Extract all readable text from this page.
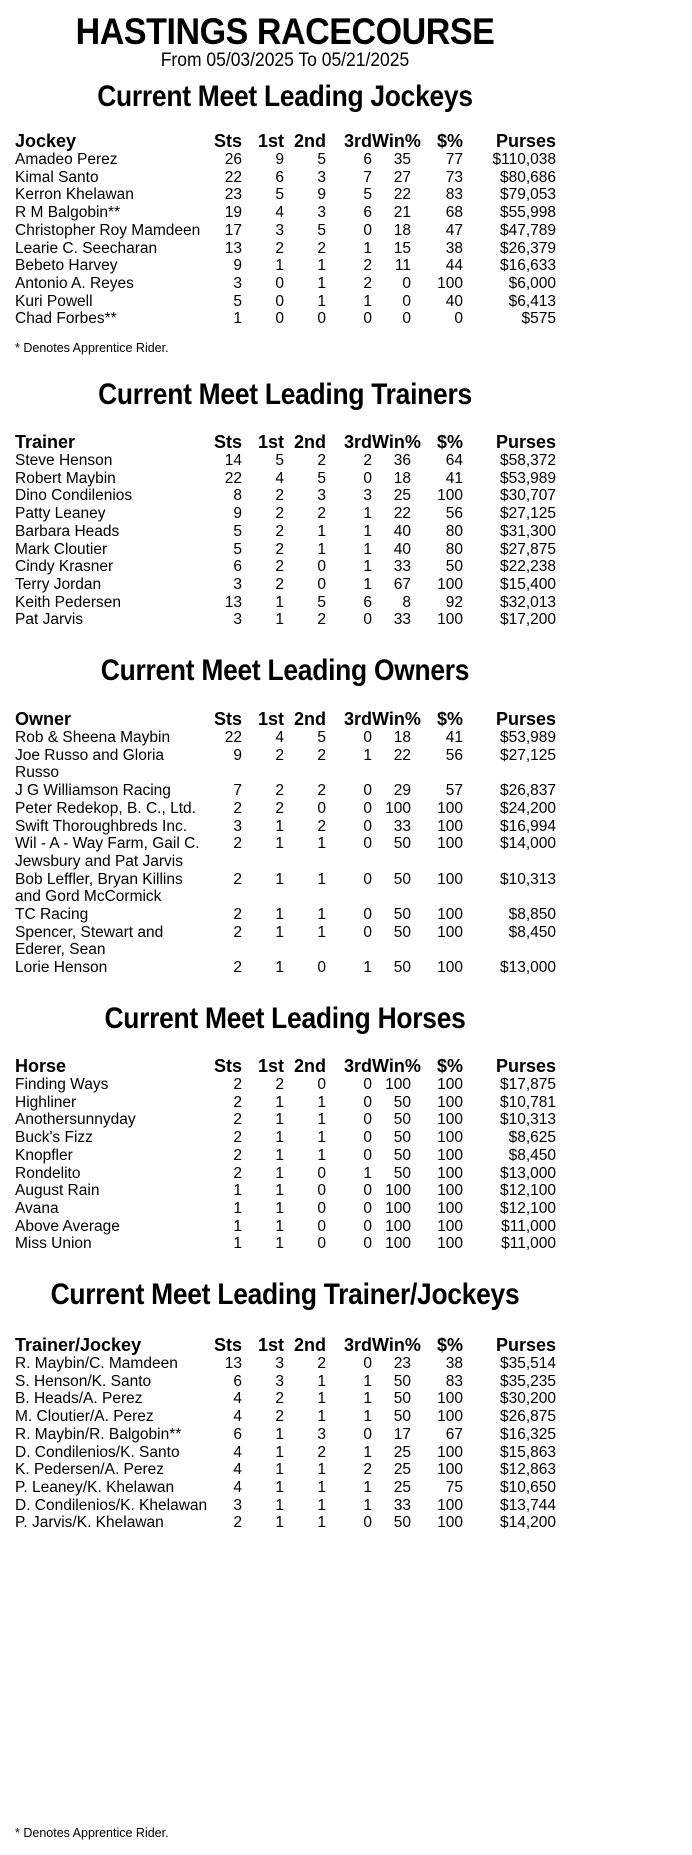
HASTINGS RACECOURSE
From 05/03/2025 To 05/21/2025
Current Meet Leading Jockeys
Jockey	Sts	1st	2nd	3rd	Win%	$%	Purses
Amadeo Perez	26	9	5	6	35	77	$110,038
Kimal Santo	22	6	3	7	27	73	$80,686
Kerron Khelawan	23	5	9	5	22	83	$79,053
R M Balgobin**	19	4	3	6	21	68	$55,998
Christopher Roy Mamdeen	17	3	5	0	18	47	$47,789
Learie C. Seecharan	13	2	2	1	15	38	$26,379
Bebeto Harvey	9	1	1	2	11	44	$16,633
Antonio A. Reyes	3	0	1	2	0	100	$6,000
Kuri Powell	5	0	1	1	0	40	$6,413
Chad Forbes**	1	0	0	0	0	0	$575
* Denotes Apprentice Rider.
Current Meet Leading Trainers
Trainer	Sts	1st	2nd	3rd	Win%	$%	Purses
Steve Henson	14	5	2	2	36	64	$58,372
Robert Maybin	22	4	5	0	18	41	$53,989
Dino Condilenios	8	2	3	3	25	100	$30,707
Patty Leaney	9	2	2	1	22	56	$27,125
Barbara Heads	5	2	1	1	40	80	$31,300
Mark Cloutier	5	2	1	1	40	80	$27,875
Cindy Krasner	6	2	0	1	33	50	$22,238
Terry Jordan	3	2	0	1	67	100	$15,400
Keith Pedersen	13	1	5	6	8	92	$32,013
Pat Jarvis	3	1	2	0	33	100	$17,200
Current Meet Leading Owners
Owner	Sts	1st	2nd	3rd	Win%	$%	Purses
Rob & Sheena Maybin	22	4	5	0	18	41	$53,989
Joe Russo and Gloria Russo	9	2	2	1	22	56	$27,125
J G Williamson Racing	7	2	2	0	29	57	$26,837
Peter Redekop, B. C., Ltd.	2	2	0	0	100	100	$24,200
Swift Thoroughbreds Inc.	3	1	2	0	33	100	$16,994
Wil - A - Way Farm, Gail C. Jewsbury and Pat Jarvis	2	1	1	0	50	100	$14,000
Bob Leffler, Bryan Killins and Gord McCormick	2	1	1	0	50	100	$10,313
TC Racing	2	1	1	0	50	100	$8,850
Spencer, Stewart and Ederer, Sean	2	1	1	0	50	100	$8,450
Lorie Henson	2	1	0	1	50	100	$13,000
Current Meet Leading Horses
Horse	Sts	1st	2nd	3rd	Win%	$%	Purses
Finding Ways	2	2	0	0	100	100	$17,875
Highliner	2	1	1	0	50	100	$10,781
Anothersunnyday	2	1	1	0	50	100	$10,313
Buck's Fizz	2	1	1	0	50	100	$8,625
Knopfler	2	1	1	0	50	100	$8,450
Rondelito	2	1	0	1	50	100	$13,000
August Rain	1	1	0	0	100	100	$12,100
Avana	1	1	0	0	100	100	$12,100
Above Average	1	1	0	0	100	100	$11,000
Miss Union	1	1	0	0	100	100	$11,000
Current Meet Leading Trainer/Jockeys
Trainer/Jockey	Sts	1st	2nd	3rd	Win%	$%	Purses
R. Maybin/C. Mamdeen	13	3	2	0	23	38	$35,514
S. Henson/K. Santo	6	3	1	1	50	83	$35,235
B. Heads/A. Perez	4	2	1	1	50	100	$30,200
M. Cloutier/A. Perez	4	2	1	1	50	100	$26,875
R. Maybin/R. Balgobin**	6	1	3	0	17	67	$16,325
D. Condilenios/K. Santo	4	1	2	1	25	100	$15,863
K. Pedersen/A. Perez	4	1	1	2	25	100	$12,863
P. Leaney/K. Khelawan	4	1	1	1	25	75	$10,650
D. Condilenios/K. Khelawan	3	1	1	1	33	100	$13,744
P. Jarvis/K. Khelawan	2	1	1	0	50	100	$14,200
* Denotes Apprentice Rider.
